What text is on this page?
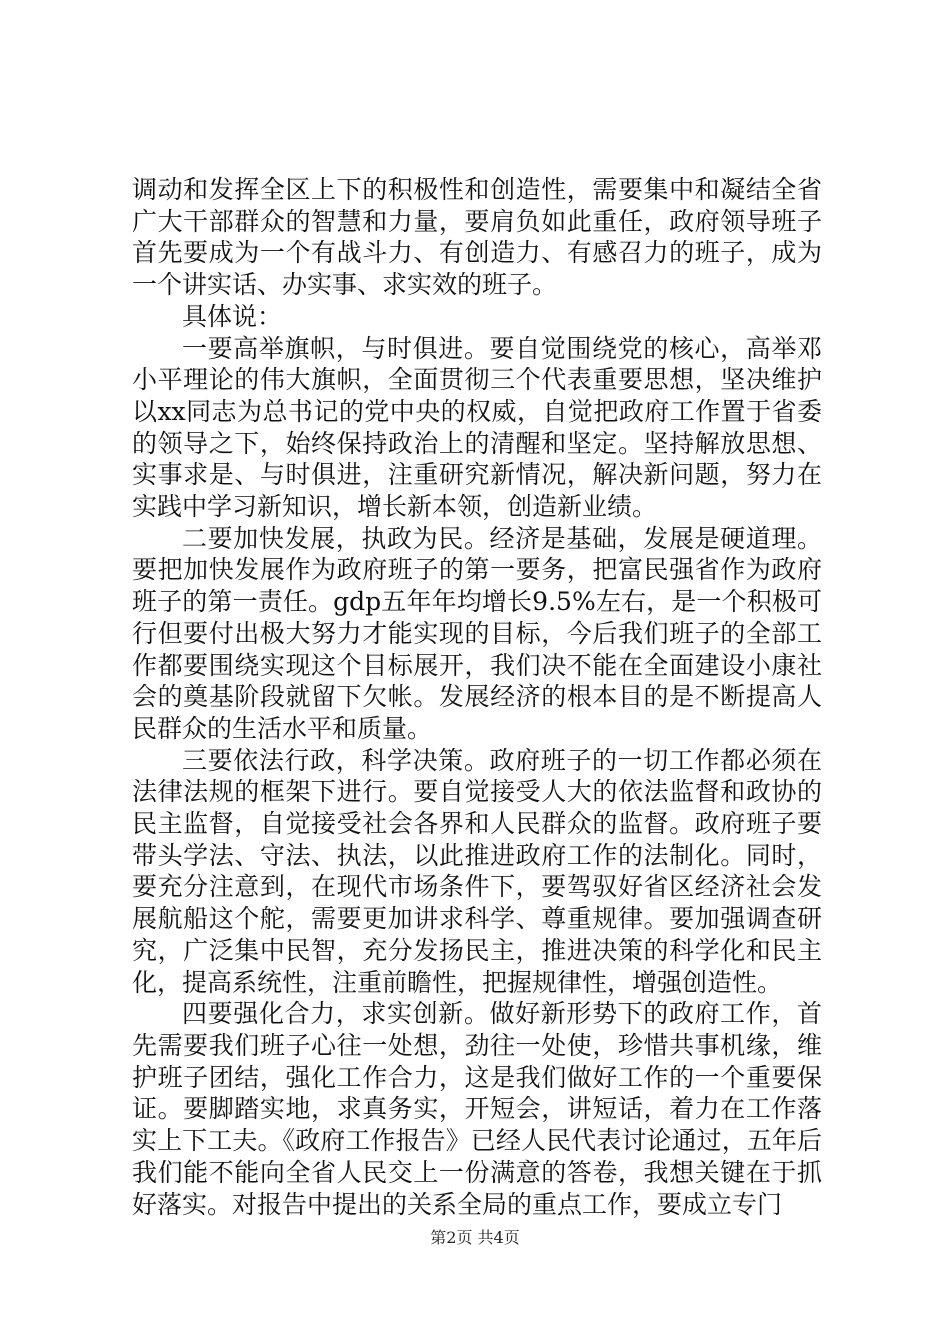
调动和发挥全区上下的积极性和创造性，需要集中和凝结全省广大干部群众的智慧和力量，要肩负如此重任，政府领导班子首先要成为一个有战斗力、有创造力、有感召力的班子，成为一个讲实话、办实事、求实效的班子。

具体说：

一要高举旗帜，与时俱进。要自觉围绕党的核心，高举邓小平理论的伟大旗帜，全面贯彻三个代表重要思想，坚决维护以xx同志为总书记的党中央的权威，自觉把政府工作置于省委的领导之下，始终保持政治上的清醒和坚定。坚持解放思想、实事求是、与时俱进，注重研究新情况，解决新问题，努力在实践中学习新知识，增长新本领，创造新业绩。

二要加快发展，执政为民。经济是基础，发展是硬道理。要把加快发展作为政府班子的第一要务，把富民强省作为政府班子的第一责任。gdp五年年均增长9.5%左右，是一个积极可行但要付出极大努力才能实现的目标，今后我们班子的全部工作都要围绕实现这个目标展开，我们决不能在全面建设小康社会的奠基阶段就留下欠帐。发展经济的根本目的是不断提高人民群众的生活水平和质量。

三要依法行政，科学决策。政府班子的一切工作都必须在法律法规的框架下进行。要自觉接受人大的依法监督和政协的民主监督，自觉接受社会各界和人民群众的监督。政府班子要带头学法、守法、执法，以此推进政府工作的法制化。同时，要充分注意到，在现代市场条件下，要驾驭好省区经济社会发展航船这个舵，需要更加讲求科学、尊重规律。要加强调查研究，广泛集中民智，充分发扬民主，推进决策的科学化和民主化，提高系统性，注重前瞻性，把握规律性，增强创造性。

四要强化合力，求实创新。做好新形势下的政府工作，首先需要我们班子心往一处想，劲往一处使，珍惜共事机缘，维护班子团结，强化工作合力，这是我们做好工作的一个重要保证。要脚踏实地，求真务实，开短会，讲短话，着力在工作落实上下工夫。《政府工作报告》已经人民代表讨论通过，五年后我们能不能向全省人民交上一份满意的答卷，我想关键在于抓好落实。对报告中提出的关系全局的重点工作，要成立专门

第2页 共4页
